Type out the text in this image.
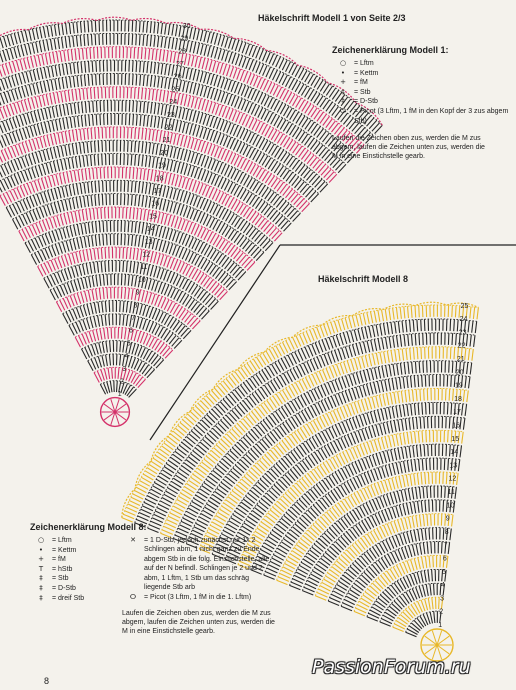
30
29
28
27
26
25
24
23
22
21
20
19
18
17
16
15
14
13
12
11
10
9
8
7
6
5
4
3
2
1
25
24
23
22
21
20
19
18
17
16
15
14
13
12
11
10
9
8
7
6
5
4
3
2
1
Häkelschrift Modell 1 von Seite 2/3
Zeichenerklärung Modell 1:
○	= Lftm
•	= Kettm
+	= fM
‡	= Stb
‡	= D-Stb
ⵔ	= Picot (3 Lftm, 1 fM in den Kopf der 3 zus abgem Stb)
Laufen die Zeichen oben zus, werden die M zus abgem, laufen die Zeichen unten zus, werden die M in eine Einstichstelle gearb.
Häkelschrift Modell 8
Zeichenerklärung Modell 8:
○	= Lftm
•	= Kettm
+	= fM
T	= hStb
‡	= Stb
‡	= D-Stb
‡	= dreif Stb
✕	= 1 D-Stb, jedoch zunächst nur 1x 2 Schlingen abm, 1 nicht ganz zu Ende abgem Stb in die folg. Einstichstelle, alle auf der N befindl. Schlingen je 2 und 2 abm, 1 Lftm, 1 Stb um das schräg liegende Stb arb
ⵔ	= Picot (3 Lftm, 1 fM in die 1. Lftm)
Laufen die Zeichen oben zus, werden die M zus abgem, laufen die Zeichen unten zus, werden die M in eine Einstichstelle gearb.
8
PassionForum.ru
